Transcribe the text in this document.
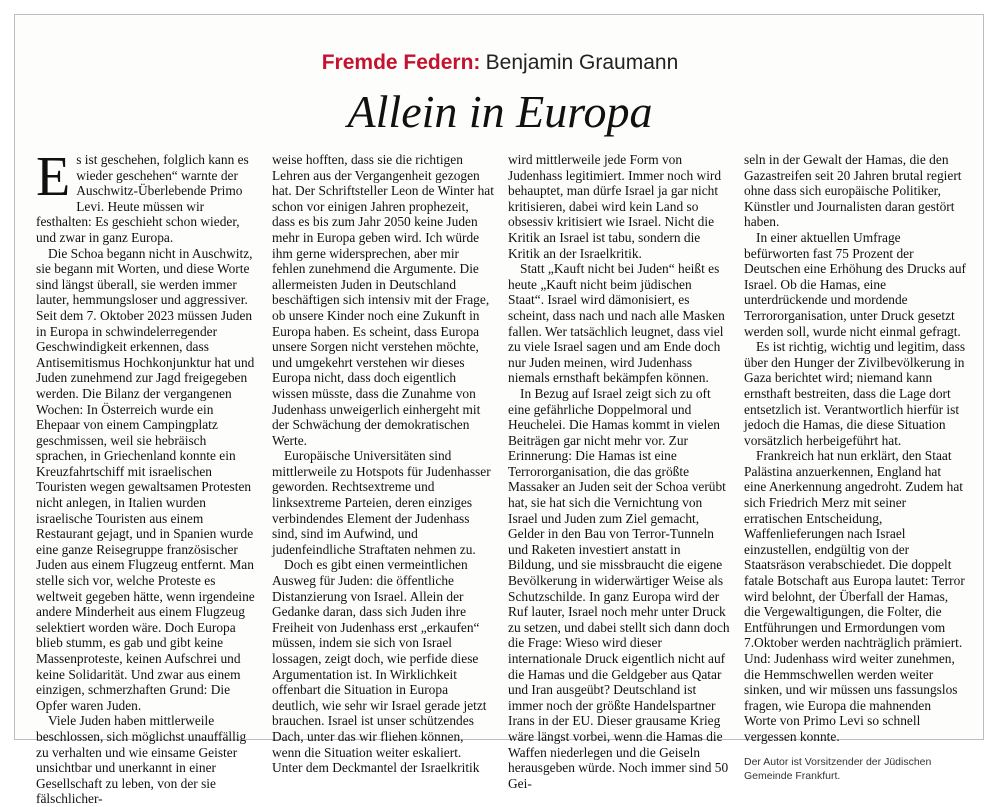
Fremde Federn: Benjamin Graumann
Allein in Europa

Es ist geschehen, folglich kann es wieder geschehen“ warnte der Auschwitz-Überlebende Primo Levi. Heute müssen wir festhalten: Es geschieht schon wieder, und zwar in ganz Europa.

Die Schoa begann nicht in Auschwitz, sie begann mit Worten, und diese Worte sind längst überall, sie werden immer lauter, hemmungsloser und aggressiver. Seit dem 7. Oktober 2023 müssen Juden in Europa in schwindelerregender Geschwindigkeit erkennen, dass Antisemitismus Hochkonjunktur hat und Juden zunehmend zur Jagd freigegeben werden. Die Bilanz der vergangenen Wochen: In Österreich wurde ein Ehepaar von einem Campingplatz geschmissen, weil sie hebräisch sprachen, in Griechenland konnte ein Kreuzfahrtschiff mit israelischen Touristen wegen gewaltsamen Protesten nicht anlegen, in Italien wurden israelische Touristen aus einem Restaurant gejagt, und in Spanien wurde eine ganze Reisegruppe französischer Juden aus einem Flugzeug entfernt. Man stelle sich vor, welche Proteste es weltweit gegeben hätte, wenn irgendeine andere Minderheit aus einem Flugzeug selektiert worden wäre. Doch Europa blieb stumm, es gab und gibt keine Massenproteste, keinen Aufschrei und keine Solidarität. Und zwar aus einem einzigen, schmerzhaften Grund: Die Opfer waren Juden.

Viele Juden haben mittlerweile beschlossen, sich möglichst unauffällig zu verhalten und wie einsame Geister unsichtbar und unerkannt in einer Gesellschaft zu leben, von der sie fälschlicher-

weise hofften, dass sie die richtigen Lehren aus der Vergangenheit gezogen hat. Der Schriftsteller Leon de Winter hat schon vor einigen Jahren prophezeit, dass es bis zum Jahr 2050 keine Juden mehr in Europa geben wird. Ich würde ihm gerne widersprechen, aber mir fehlen zunehmend die Argumente. Die allermeisten Juden in Deutschland beschäftigen sich intensiv mit der Frage, ob unsere Kinder noch eine Zukunft in Europa haben. Es scheint, dass Europa unsere Sorgen nicht verstehen möchte, und umgekehrt verstehen wir dieses Europa nicht, dass doch eigentlich wissen müsste, dass die Zunahme von Judenhass unweigerlich einhergeht mit der Schwächung der demokratischen Werte.

Europäische Universitäten sind mittlerweile zu Hotspots für Judenhasser geworden. Rechtsextreme und linksextreme Parteien, deren einziges verbindendes Element der Judenhass sind, sind im Aufwind, und judenfeindliche Straftaten nehmen zu.

Doch es gibt einen vermeintlichen Ausweg für Juden: die öffentliche Distanzierung von Israel. Allein der Gedanke daran, dass sich Juden ihre Freiheit von Judenhass erst „erkaufen“ müssen, indem sie sich von Israel lossagen, zeigt doch, wie perfide diese Argumentation ist. In Wirklichkeit offenbart die Situation in Europa deutlich, wie sehr wir Israel gerade jetzt brauchen. Israel ist unser schützendes Dach, unter das wir fliehen können, wenn die Situation weiter eskaliert. Unter dem Deckmantel der Israelkritik

wird mittlerweile jede Form von Judenhass legitimiert. Immer noch wird behauptet, man dürfe Israel ja gar nicht kritisieren, dabei wird kein Land so obsessiv kritisiert wie Israel. Nicht die Kritik an Israel ist tabu, sondern die Kritik an der Israelkritik.

Statt „Kauft nicht bei Juden“ heißt es heute „Kauft nicht beim jüdischen Staat“. Israel wird dämonisiert, es scheint, dass nach und nach alle Masken fallen. Wer tatsächlich leugnet, dass viel zu viele Israel sagen und am Ende doch nur Juden meinen, wird Judenhass niemals ernsthaft bekämpfen können.

In Bezug auf Israel zeigt sich zu oft eine gefährliche Doppelmoral und Heuchelei. Die Hamas kommt in vielen Beiträgen gar nicht mehr vor. Zur Erinnerung: Die Hamas ist eine Terrororganisation, die das größte Massaker an Juden seit der Schoa verübt hat, sie hat sich die Vernichtung von Israel und Juden zum Ziel gemacht, Gelder in den Bau von Terror-Tunneln und Raketen investiert anstatt in Bildung, und sie missbraucht die eigene Bevölkerung in widerwärtiger Weise als Schutzschilde. In ganz Europa wird der Ruf lauter, Israel noch mehr unter Druck zu setzen, und dabei stellt sich dann doch die Frage: Wieso wird dieser internationale Druck eigentlich nicht auf die Hamas und die Geldgeber aus Qatar und Iran ausgeübt? Deutschland ist immer noch der größte Handelspartner Irans in der EU. Dieser grausame Krieg wäre längst vorbei, wenn die Hamas die Waffen niederlegen und die Geiseln herausgeben würde. Noch immer sind 50 Gei-

seln in der Gewalt der Hamas, die den Gazastreifen seit 20 Jahren brutal regiert ohne dass sich europäische Politiker, Künstler und Journalisten daran gestört haben.

In einer aktuellen Umfrage befürworten fast 75 Prozent der Deutschen eine Erhöhung des Drucks auf Israel. Ob die Hamas, eine unterdrückende und mordende Terrororganisation, unter Druck gesetzt werden soll, wurde nicht einmal gefragt.

Es ist richtig, wichtig und legitim, dass über den Hunger der Zivilbevölkerung in Gaza berichtet wird; niemand kann ernsthaft bestreiten, dass die Lage dort entsetzlich ist. Verantwortlich hierfür ist jedoch die Hamas, die diese Situation vorsätzlich herbeigeführt hat.

Frankreich hat nun erklärt, den Staat Palästina anzuerkennen, England hat eine Anerkennung angedroht. Zudem hat sich Friedrich Merz mit seiner erratischen Entscheidung, Waffenlieferungen nach Israel einzustellen, endgültig von der Staatsräson verabschiedet. Die doppelt fatale Botschaft aus Europa lautet: Terror wird belohnt, der Überfall der Hamas, die Vergewaltigungen, die Folter, die Entführungen und Ermordungen vom 7.Oktober werden nachträglich prämiert. Und: Judenhass wird weiter zunehmen, die Hemmschwellen werden weiter sinken, und wir müssen uns fassungslos fragen, wie Europa die mahnenden Worte von Primo Levi so schnell vergessen konnte.

Der Autor ist Vorsitzender der Jüdischen Gemeinde Frankfurt.
